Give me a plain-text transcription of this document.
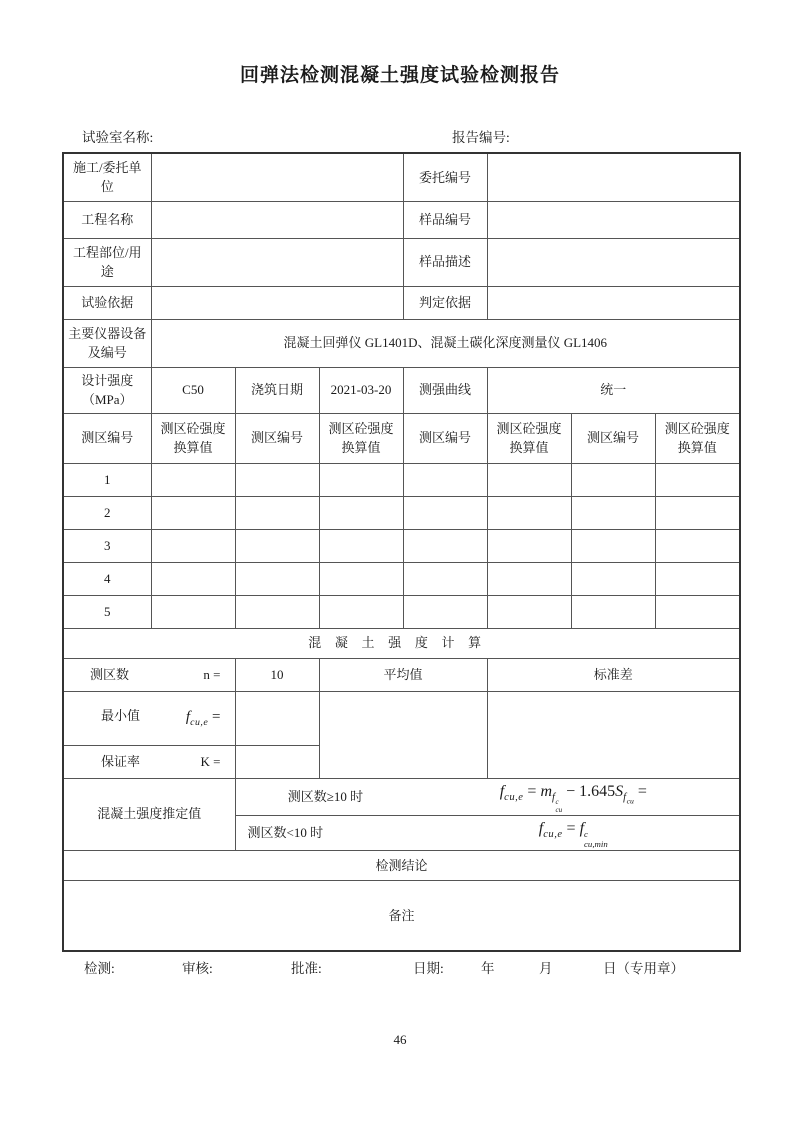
回弹法检测混凝土强度试验检测报告
试验室名称:	报告编号:
施工/委托单位				委托编号			
工程名称				样品编号			
工程部位/用途				样品描述			
试验依据				判定依据			
主要仪器设备及编号	混凝土回弹仪 GL1401D、混凝土碳化深度测量仪 GL1406						
设计强度（MPa）	C50	浇筑日期	2021-03-20	测强曲线	统一		
测区编号	测区砼强度换算值	测区编号	测区砼强度换算值	测区编号	测区砼强度换算值	测区编号	测区砼强度换算值
1							
2							
3							
4							
5							
混凝土强度计算							

测区数 n =		10	平均值		标准差		

最小值 $f_{cu,e}$ =							

保证率 K =							

混凝土强度推定值		测区数≥10 时 $f_{cu,e} = m_f$ c
cu
− $1.645S_{fcu}$ =					

		测区数<10 时 $f_{cu,e} = f$ c
cu,min					

检测结论							
备注							
检测:	审核:	批准:	日期:	年	月	日（专用章）
46
